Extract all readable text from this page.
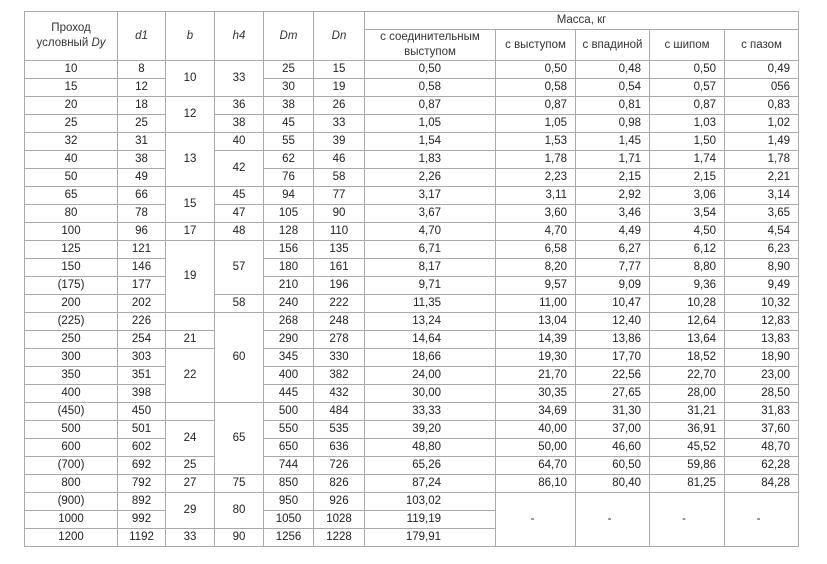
Проход
условный Dy	d1	b	h4	Dm	Dn	Масса, кг				
						с соединительным выступом	с выступом	с впадиной	с шипом	с пазом
10	8	10	33	25	15	0,50	0,50	0,48	0,50	0,49
15	12			30	19	0,58	0,58	0,54	0,57	056
20	18	12	36	38	26	0,87	0,87	0,81	0,87	0,83
25	25		38	45	33	1,05	1,05	0,98	1,03	1,02
32	31	13	40	55	39	1,54	1,53	1,45	1,50	1,49
40	38		42	62	46	1,83	1,78	1,71	1,74	1,78
50	49			76	58	2,26	2,23	2,15	2,15	2,21
65	66	15	45	94	77	3,17	3,11	2,92	3,06	3,14
80	78		47	105	90	3,67	3,60	3,46	3,54	3,65
100	96	17	48	128	110	4,70	4,70	4,49	4,50	4,54
125	121	19	57	156	135	6,71	6,58	6,27	6,12	6,23
150	146			180	161	8,17	8,20	7,77	8,80	8,90
(175)	177			210	196	9,71	9,57	9,09	9,36	9,49
200	202		58	240	222	11,35	11,00	10,47	10,28	10,32
(225)	226		60	268	248	13,24	13,04	12,40	12,64	12,83
250	254	21		290	278	14,64	14,39	13,86	13,64	13,83
300	303	22		345	330	18,66	19,30	17,70	18,52	18,90
350	351			400	382	24,00	21,70	22,56	22,70	23,00
400	398			445	432	30,00	30,35	27,65	28,00	28,50
(450)	450		65	500	484	33,33	34,69	31,30	31,21	31,83
500	501	24		550	535	39,20	40,00	37,00	36,91	37,60
600	602			650	636	48,80	50,00	46,60	45,52	48,70
(700)	692	25		744	726	65,26	64,70	60,50	59,86	62,28
800	792	27	75	850	826	87,24	86,10	80,40	81,25	84,28
(900)	892	29	80	950	926	103,02	-	-	-	-
1000	992			1050	1028	119,19				
1200	1192	33	90	1256	1228	179,91				
